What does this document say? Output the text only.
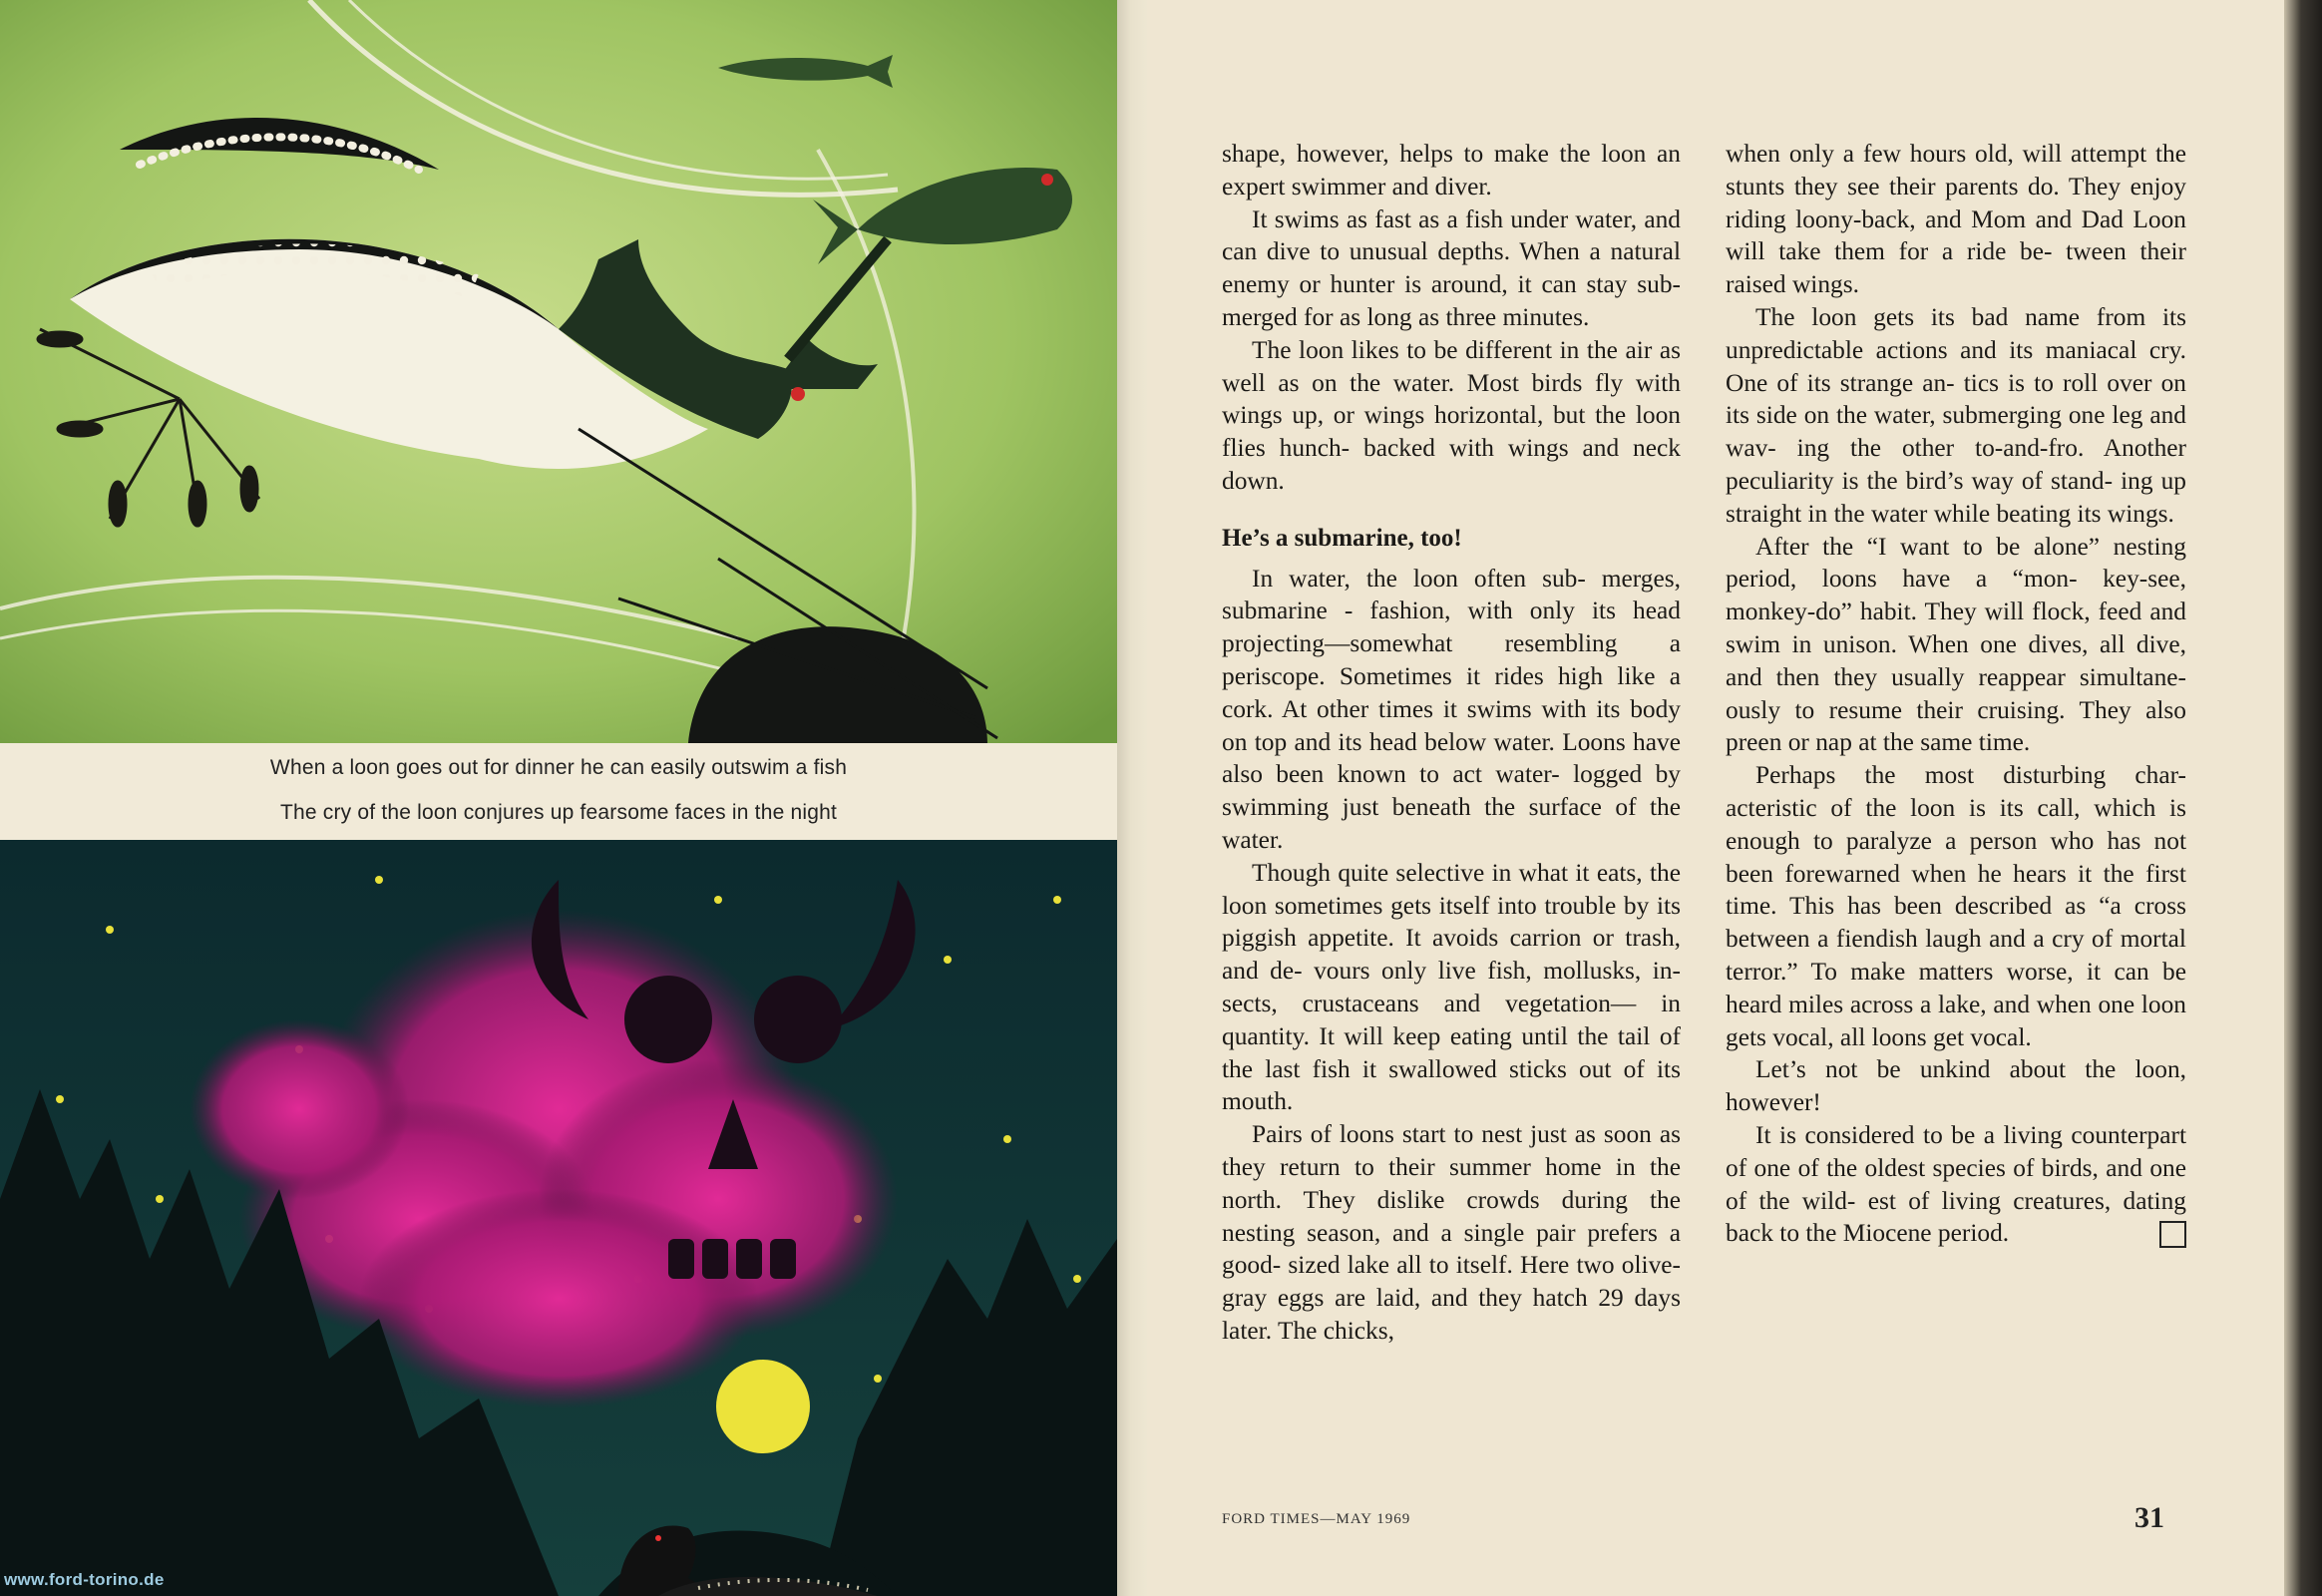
When a loon goes out for dinner he can easily outswim a fish
The cry of the loon conjures up fearsome faces in the night
www.ford-torino.de

shape, however, helps to make the loon an expert swimmer and diver.

It swims as fast as a fish under water, and can dive to unusual depths. When a natural enemy or hunter is around, it can stay sub- merged for as long as three minutes.

The loon likes to be different in the air as well as on the water. Most birds fly with wings up, or wings horizontal, but the loon flies hunch- backed with wings and neck down.

He’s a submarine, too!

In water, the loon often sub- merges, submarine - fashion, with only its head projecting—somewhat resembling a periscope. Sometimes it rides high like a cork. At other times it swims with its body on top and its head below water. Loons have also been known to act water- logged by swimming just beneath the surface of the water.

Though quite selective in what it eats, the loon sometimes gets itself into trouble by its piggish appetite. It avoids carrion or trash, and de- vours only live fish, mollusks, in- sects, crustaceans and vegetation— in quantity. It will keep eating until the tail of the last fish it swallowed sticks out of its mouth.

Pairs of loons start to nest just as soon as they return to their summer home in the north. They dislike crowds during the nesting season, and a single pair prefers a good- sized lake all to itself. Here two olive-gray eggs are laid, and they hatch 29 days later. The chicks,

when only a few hours old, will attempt the stunts they see their parents do. They enjoy riding loony-back, and Mom and Dad Loon will take them for a ride be- tween their raised wings.

The loon gets its bad name from its unpredictable actions and its maniacal cry. One of its strange an- tics is to roll over on its side on the water, submerging one leg and wav- ing the other to-and-fro. Another peculiarity is the bird’s way of stand- ing up straight in the water while beating its wings.

After the “I want to be alone” nesting period, loons have a “mon- key-see, monkey-do” habit. They will flock, feed and swim in unison. When one dives, all dive, and then they usually reappear simultane- ously to resume their cruising. They also preen or nap at the same time.

Perhaps the most disturbing char- acteristic of the loon is its call, which is enough to paralyze a person who has not been forewarned when he hears it the first time. This has been described as “a cross between a fiendish laugh and a cry of mortal terror.” To make matters worse, it can be heard miles across a lake, and when one loon gets vocal, all loons get vocal.

Let’s not be unkind about the loon, however!

It is considered to be a living counterpart of one of the oldest species of birds, and one of the wild- est of living creatures, dating back to the Miocene period.

FORD TIMES—MAY 1969	31
